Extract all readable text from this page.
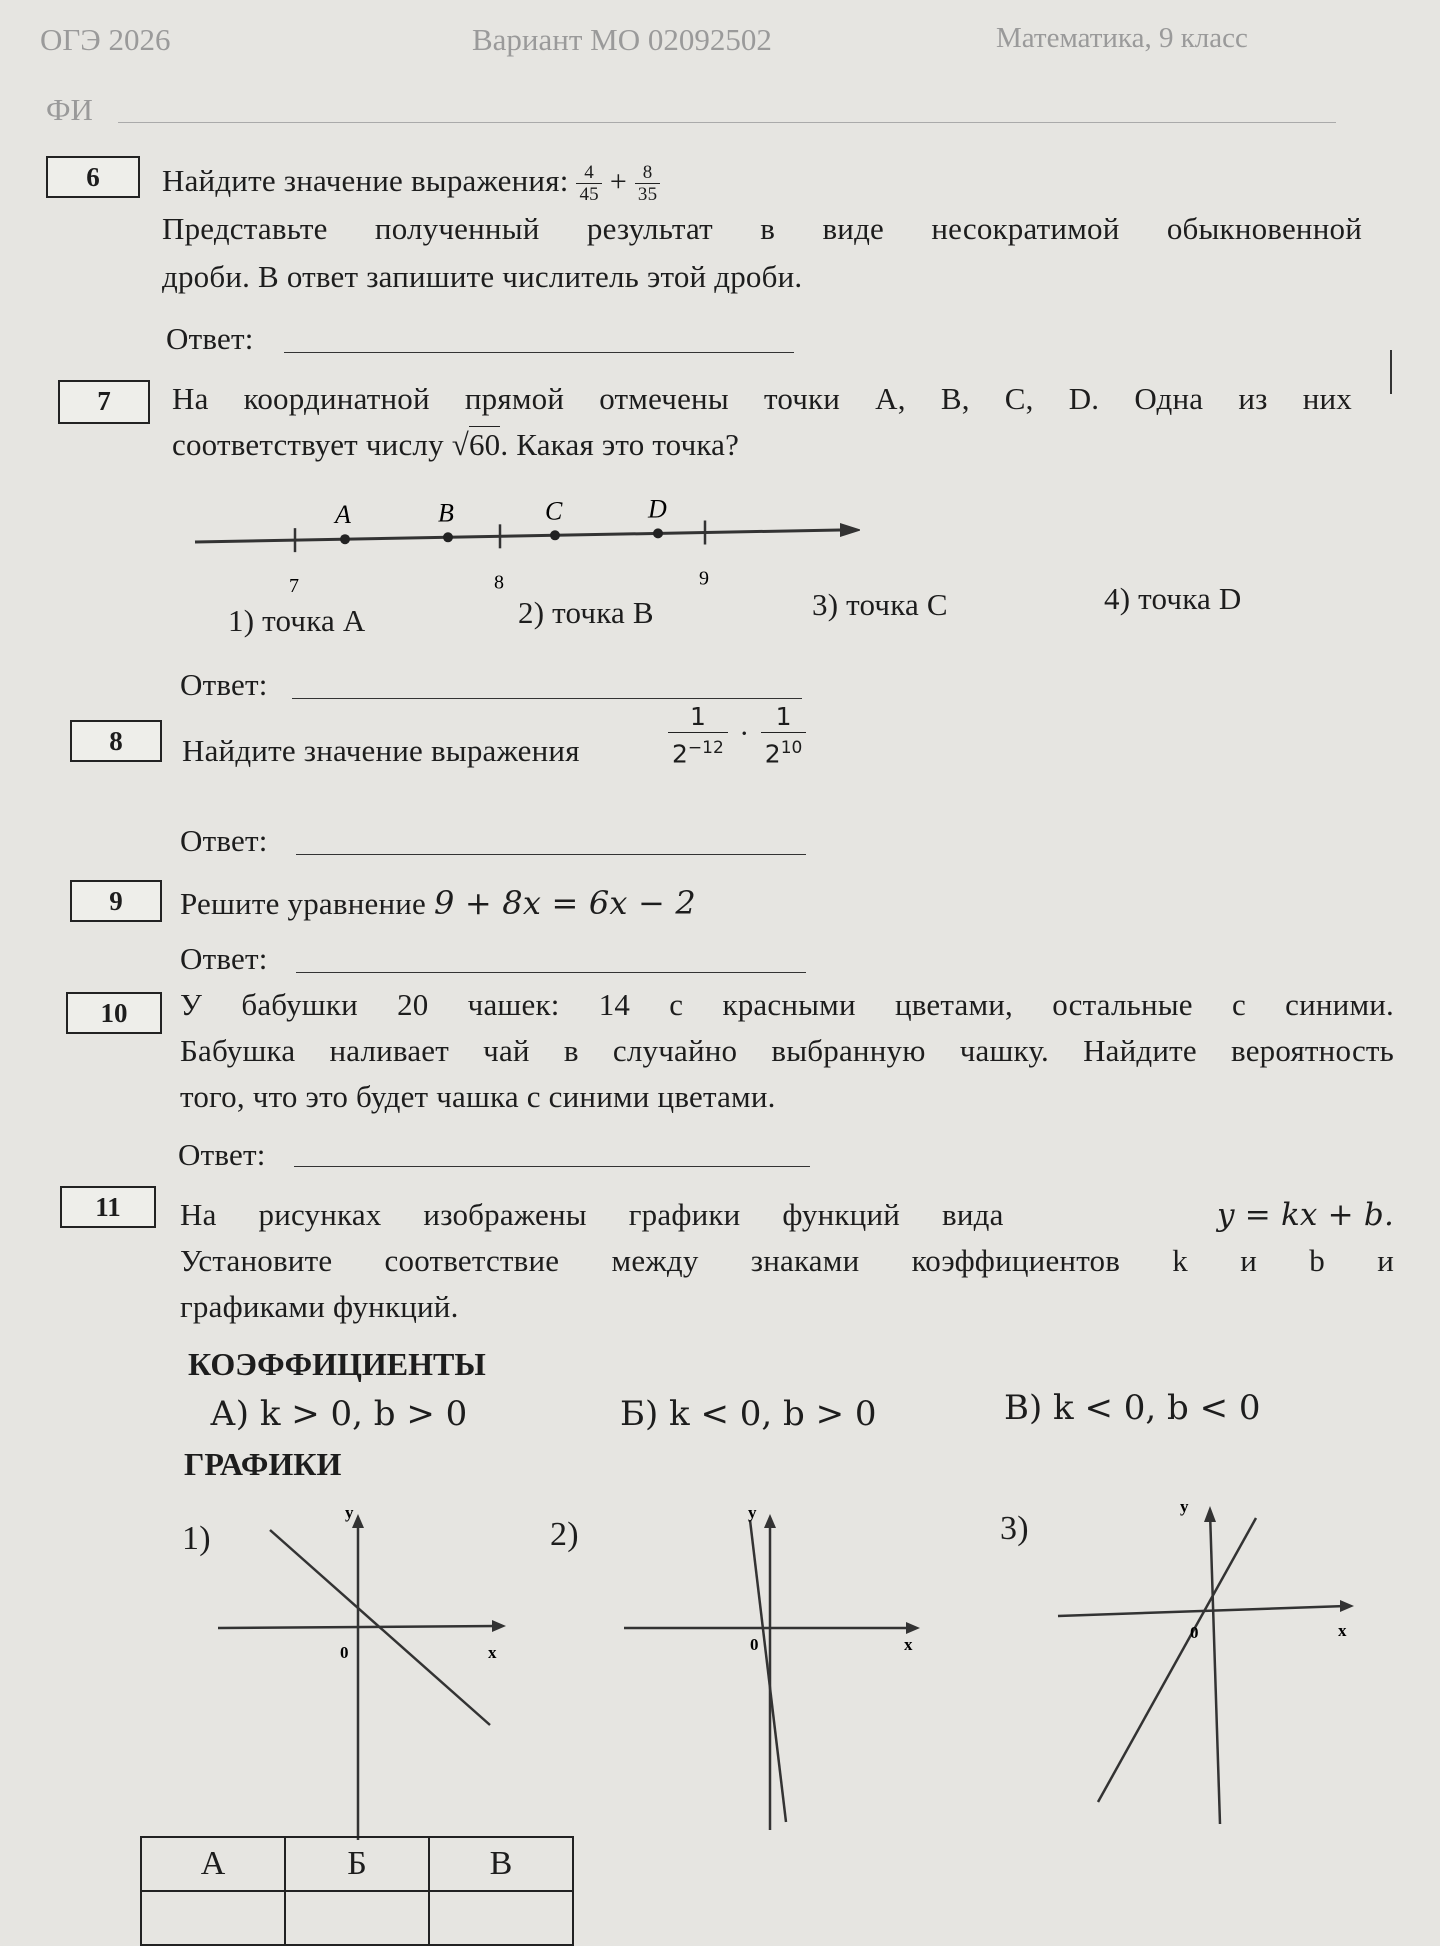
ОГЭ 2026	Вариант МО 02092502	Математика, 9 класс
ФИ
6	Найдите значение выражения: $\frac{4}{45} + \frac{8}{35}$
Представьте полученный результат в виде несократимой обыкновенной
дроби. В ответ запишите числитель этой дроби.
Ответ:
7	На координатной прямой отмечены точки A, B, C, D. Одна из них
соответствует числу √60. Какая это точка?
7	8	9
A	B	C	D
1) точка A	2) точка B	3) точка C	4) точка D
Ответ:
8	Найдите значение выражения	$\frac{1}{2^{-12}} \cdot \frac{1}{2^{10}}$
Ответ:
9	Решите уравнение 9 + 8x = 6x − 2
Ответ:
10	У бабушки 20 чашек: 14 с красными цветами, остальные с синими.
Бабушка наливает чай в случайно выбранную чашку. Найдите вероятность
того, что это будет чашка с синими цветами.
Ответ:
11	На рисунках изображены графики функций вида	y = kx + b.
Установите соответствие между знаками коэффициентов k и b и
графиками функций.
КОЭФФИЦИЕНТЫ
А) k > 0, b > 0	Б) k < 0, b > 0	В) k < 0, b < 0
ГРАФИКИ
1)
y
0	x
2)
y
0	x
3)
y
0	x
А	Б	В
